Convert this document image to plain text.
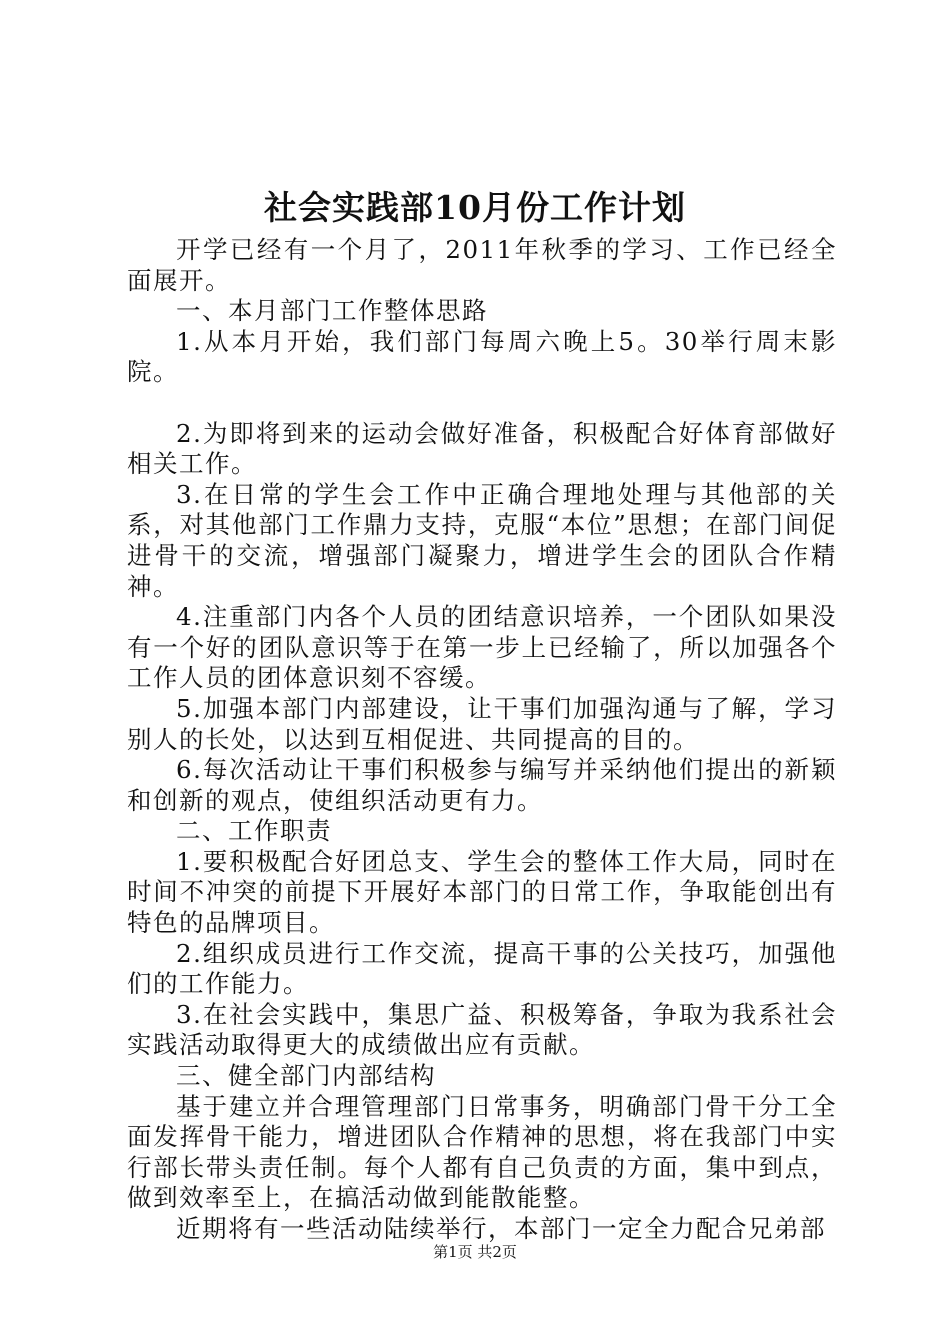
社会实践部10月份工作计划

开学已经有一个月了，2011年秋季的学习、工作已经全面展开。

一、本月部门工作整体思路

1.从本月开始，我们部门每周六晚上5。30举行周末影院。

2.为即将到来的运动会做好准备，积极配合好体育部做好相关工作。

3.在日常的学生会工作中正确合理地处理与其他部的关系，对其他部门工作鼎力支持，克服“本位”思想；在部门间促进骨干的交流，增强部门凝聚力，增进学生会的团队合作精神。

4.注重部门内各个人员的团结意识培养，一个团队如果没有一个好的团队意识等于在第一步上已经输了，所以加强各个工作人员的团体意识刻不容缓。

5.加强本部门内部建设，让干事们加强沟通与了解，学习别人的长处，以达到互相促进、共同提高的目的。

6.每次活动让干事们积极参与编写并采纳他们提出的新颖和创新的观点，使组织活动更有力。

二、工作职责

1.要积极配合好团总支、学生会的整体工作大局，同时在时间不冲突的前提下开展好本部门的日常工作，争取能创出有特色的品牌项目。

2.组织成员进行工作交流，提高干事的公关技巧，加强他们的工作能力。

3.在社会实践中，集思广益、积极筹备，争取为我系社会实践活动取得更大的成绩做出应有贡献。

三、健全部门内部结构

基于建立并合理管理部门日常事务，明确部门骨干分工全面发挥骨干能力，增进团队合作精神的思想，将在我部门中实行部长带头责任制。每个人都有自己负责的方面，集中到点，做到效率至上，在搞活动做到能散能整。

近期将有一些活动陆续举行，本部门一定全力配合兄弟部

第1页 共2页
